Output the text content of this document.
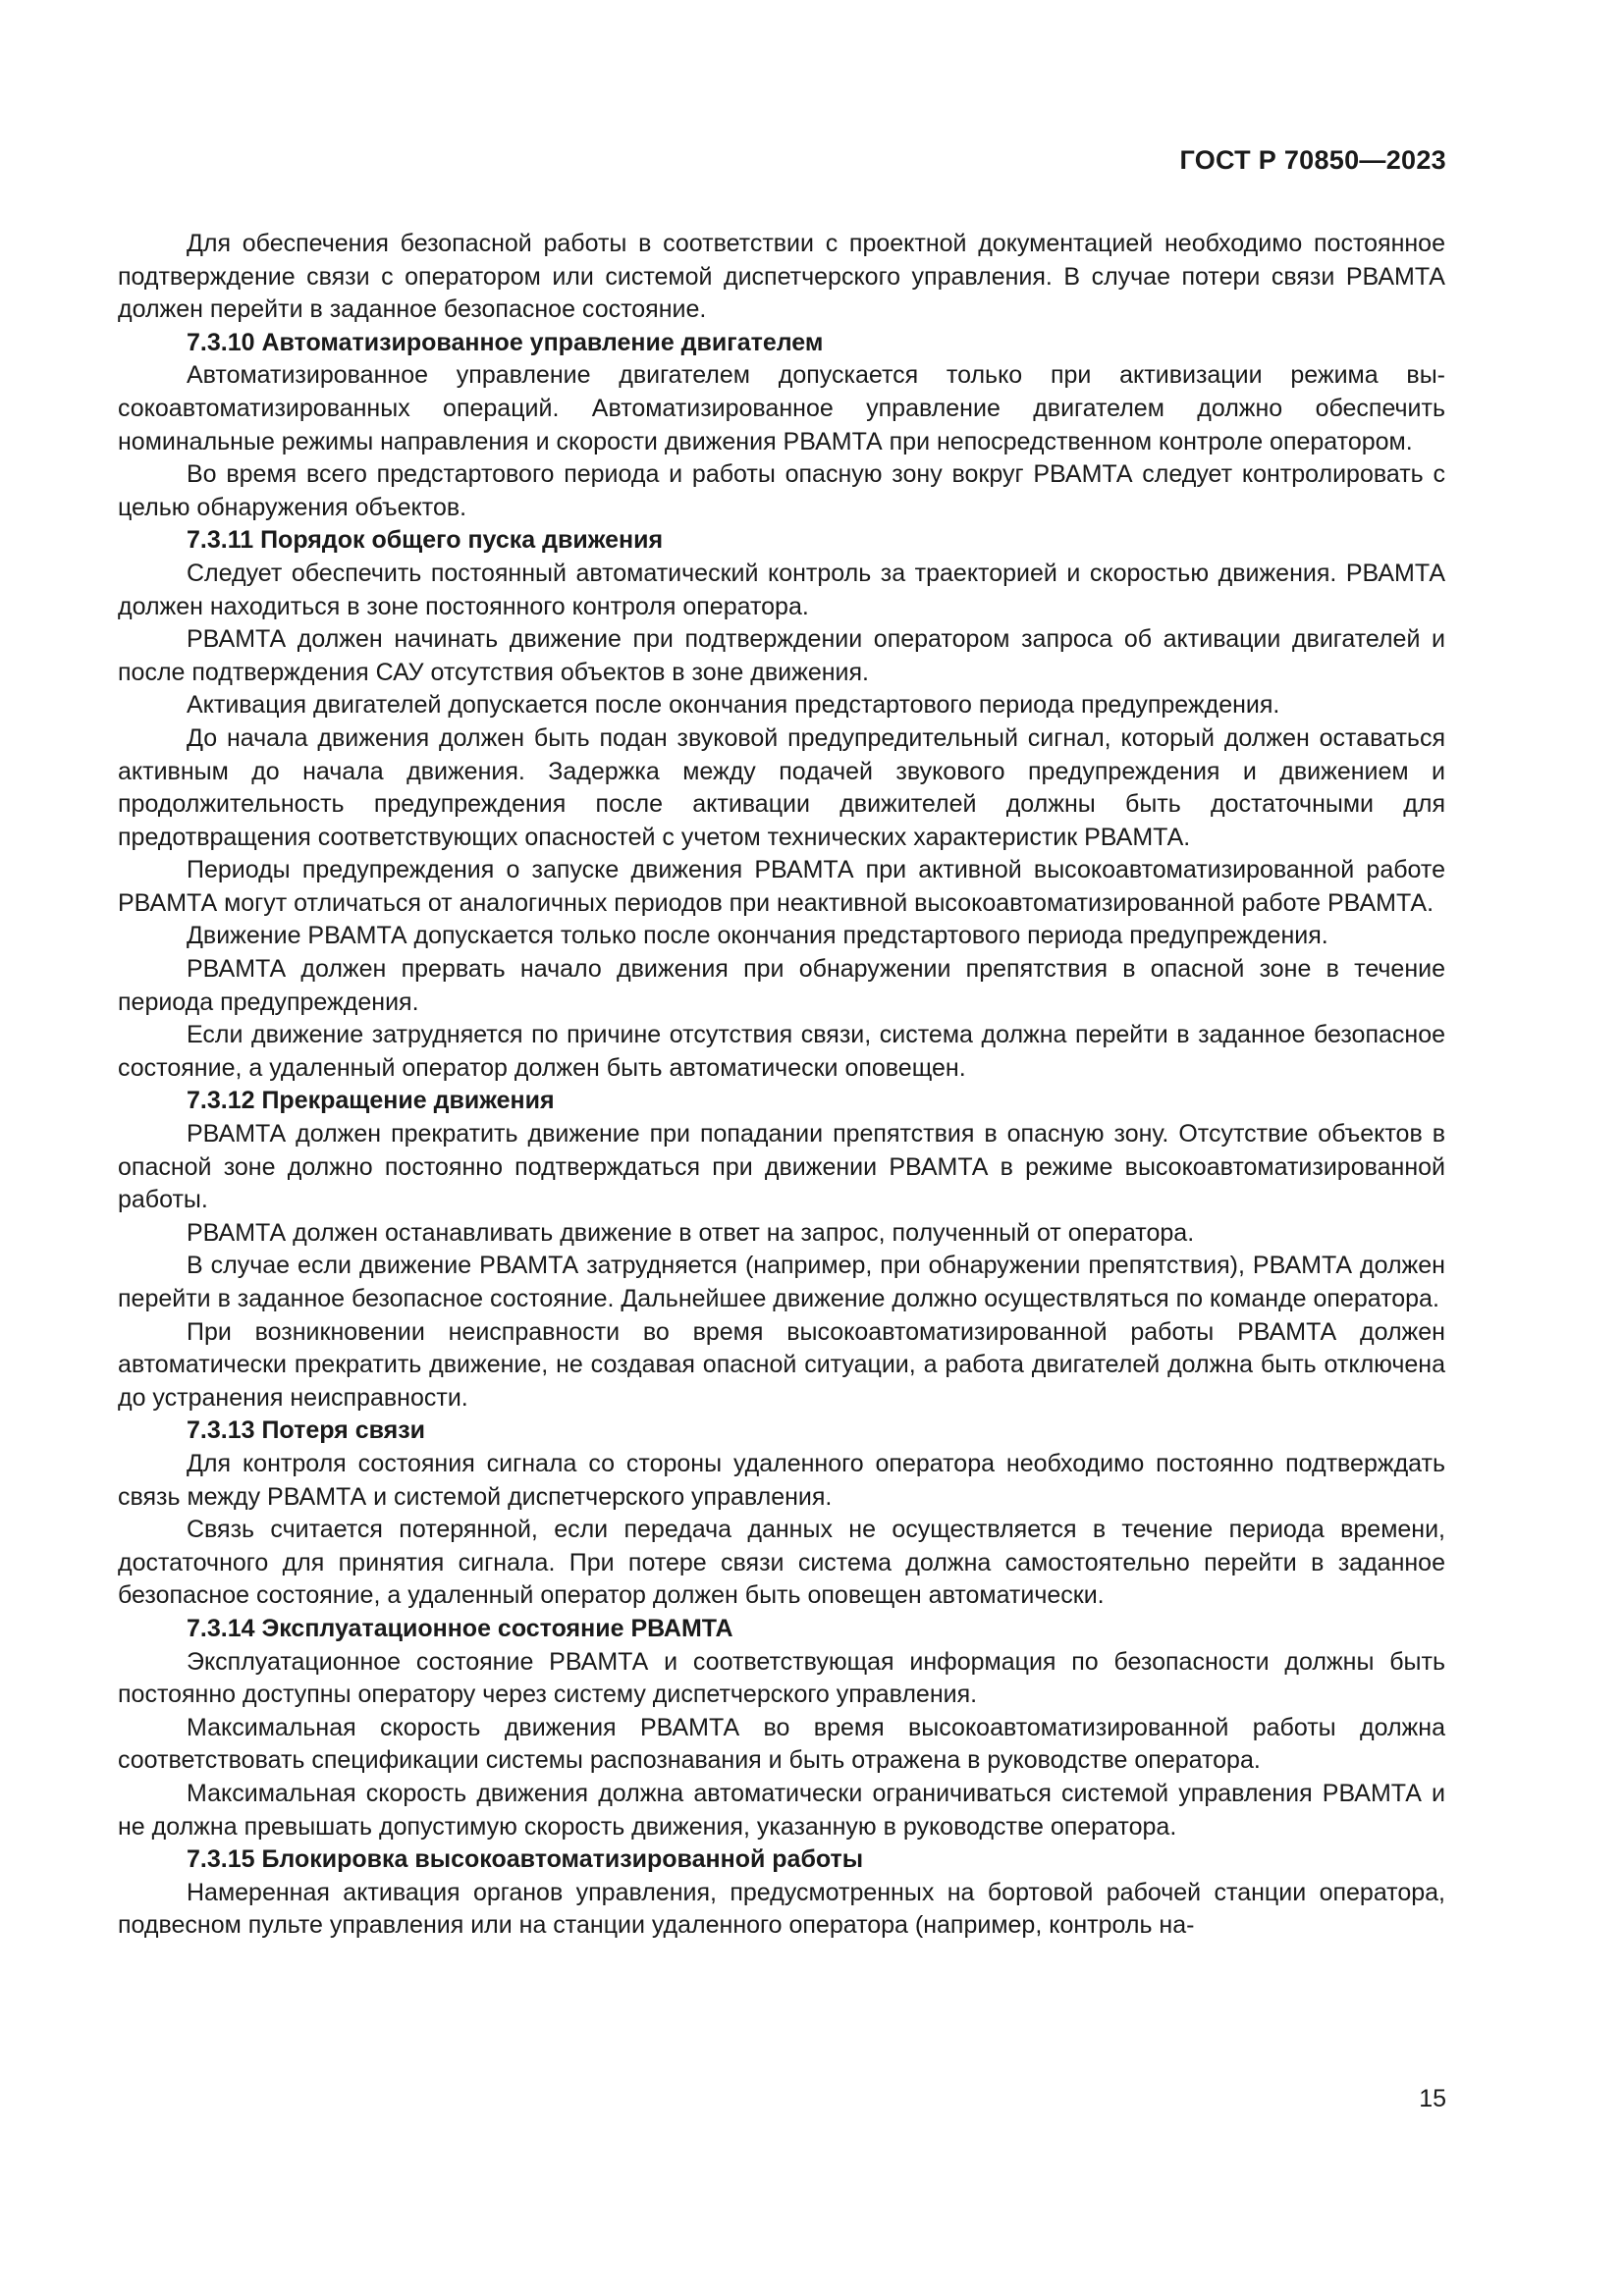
ГОСТ Р 70850—2023

Для обеспечения безопасной работы в соответствии с проектной документацией необходимо постоянное подтверждение связи с оператором или системой диспетчерского управления. В случае потери связи РВАМТА должен перейти в заданное безопасное состояние.

7.3.10 Автоматизированное управление двигателем

Автоматизированное управление двигателем допускается только при активизации режима высокоавтоматизированных операций. Автоматизированное управление двигателем должно обеспечить номинальные режимы направления и скорости движения РВАМТА при непосредственном контроле оператором.

Во время всего предстартового периода и работы опасную зону вокруг РВАМТА следует контролировать с целью обнаружения объектов.

7.3.11 Порядок общего пуска движения

Следует обеспечить постоянный автоматический контроль за траекторией и скоростью движения. РВАМТА должен находиться в зоне постоянного контроля оператора.

РВАМТА должен начинать движение при подтверждении оператором запроса об активации двигателей и после подтверждения САУ отсутствия объектов в зоне движения.

Активация двигателей допускается после окончания предстартового периода предупреждения.

До начала движения должен быть подан звуковой предупредительный сигнал, который должен оставаться активным до начала движения. Задержка между подачей звукового предупреждения и движением и продолжительность предупреждения после активации движителей должны быть достаточными для предотвращения соответствующих опасностей с учетом технических характеристик РВАМТА.

Периоды предупреждения о запуске движения РВАМТА при активной высокоавтоматизированной работе РВАМТА могут отличаться от аналогичных периодов при неактивной высокоавтоматизированной работе РВАМТА.

Движение РВАМТА допускается только после окончания предстартового периода предупреждения.

РВАМТА должен прервать начало движения при обнаружении препятствия в опасной зоне в течение периода предупреждения.

Если движение затрудняется по причине отсутствия связи, система должна перейти в заданное безопасное состояние, а удаленный оператор должен быть автоматически оповещен.

7.3.12 Прекращение движения

РВАМТА должен прекратить движение при попадании препятствия в опасную зону. Отсутствие объектов в опасной зоне должно постоянно подтверждаться при движении РВАМТА в режиме высокоавтоматизированной работы.

РВАМТА должен останавливать движение в ответ на запрос, полученный от оператора.

В случае если движение РВАМТА затрудняется (например, при обнаружении препятствия), РВАМТА должен перейти в заданное безопасное состояние. Дальнейшее движение должно осуществляться по команде оператора.

При возникновении неисправности во время высокоавтоматизированной работы РВАМТА должен автоматически прекратить движение, не создавая опасной ситуации, а работа двигателей должна быть отключена до устранения неисправности.

7.3.13 Потеря связи

Для контроля состояния сигнала со стороны удаленного оператора необходимо постоянно подтверждать связь между РВАМТА и системой диспетчерского управления.

Связь считается потерянной, если передача данных не осуществляется в течение периода времени, достаточного для принятия сигнала. При потере связи система должна самостоятельно перейти в заданное безопасное состояние, а удаленный оператор должен быть оповещен автоматически.

7.3.14 Эксплуатационное состояние РВАМТА

Эксплуатационное состояние РВАМТА и соответствующая информация по безопасности должны быть постоянно доступны оператору через систему диспетчерского управления.

Максимальная скорость движения РВАМТА во время высокоавтоматизированной работы должна соответствовать спецификации системы распознавания и быть отражена в руководстве оператора.

Максимальная скорость движения должна автоматически ограничиваться системой управления РВАМТА и не должна превышать допустимую скорость движения, указанную в руководстве оператора.

7.3.15 Блокировка высокоавтоматизированной работы

Намеренная активация органов управления, предусмотренных на бортовой рабочей станции оператора, подвесном пульте управления или на станции удаленного оператора (например, контроль на-

15
